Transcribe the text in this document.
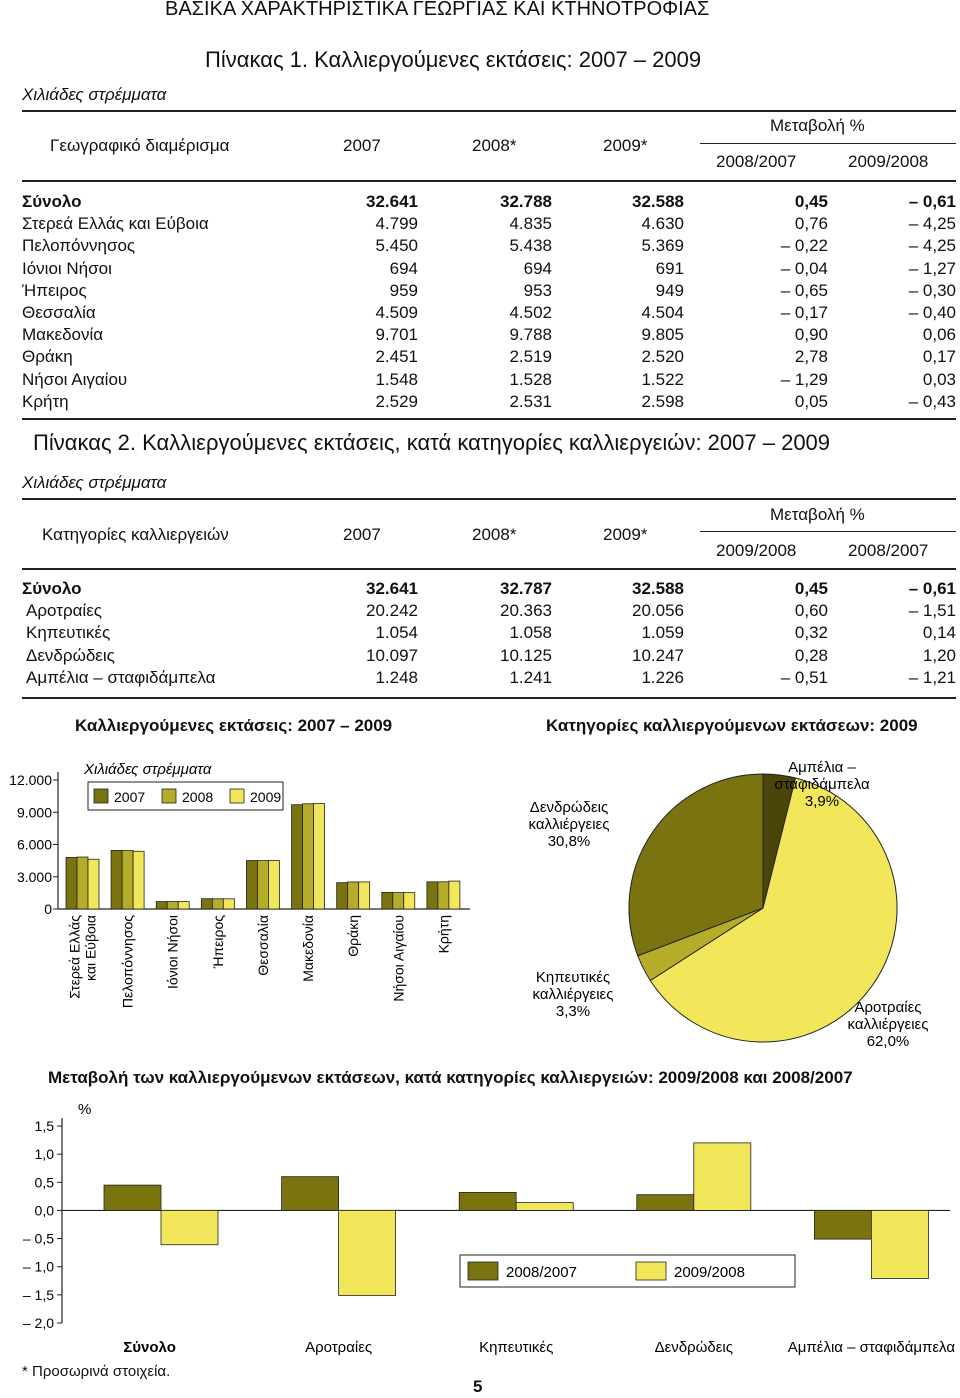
ΒΑΣΙΚΑ ΧΑΡΑΚΤΗΡΙΣΤΙΚΑ ΓΕΩΡΓΙΑΣ ΚΑΙ ΚΤΗΝΟΤΡΟΦΙΑΣ
Πίνακας 1. Καλλιεργούμενες εκτάσεις: 2007 – 2009
Χιλιάδες στρέμματα
Γεωγραφικό διαμέρισμα	2007	2008*	2009*
Μεταβολή %
2008/2007	2009/2008
Σύνολο	32.641	32.788	32.588	0,45	– 0,61
Στερεά Ελλάς και Εύβοια	4.799	4.835	4.630	0,76	– 4,25
Πελοπόννησος	5.450	5.438	5.369	– 0,22	– 4,25
Ιόνιοι Νήσοι	694	694	691	– 0,04	– 1,27
Ήπειρος	959	953	949	– 0,65	– 0,30
Θεσσαλία	4.509	4.502	4.504	– 0,17	– 0,40
Μακεδονία	9.701	9.788	9.805	0,90	0,06
Θράκη	2.451	2.519	2.520	2,78	0,17
Νήσοι Αιγαίου	1.548	1.528	1.522	– 1,29	0,03
Κρήτη	2.529	2.531	2.598	0,05	– 0,43
Πίνακας 2. Καλλιεργούμενες εκτάσεις, κατά κατηγορίες καλλιεργειών: 2007 – 2009
Χιλιάδες στρέμματα
Κατηγορίες καλλιεργειών	2007	2008*	2009*
Μεταβολή %
2009/2008	2008/2007
Σύνολο	32.641	32.787	32.588	0,45	– 0,61
Αροτραίες	20.242	20.363	20.056	0,60	– 1,51
Κηπευτικές	1.054	1.058	1.059	0,32	0,14
Δενδρώδεις	10.097	10.125	10.247	0,28	1,20
Αμπέλια – σταφιδάμπελα	1.248	1.241	1.226	– 0,51	– 1,21
Καλλιεργούμενες εκτάσεις: 2007 – 2009	Κατηγορίες καλλιεργούμενων εκτάσεων: 2009
Μεταβολή των καλλιεργούμενων εκτάσεων, κατά κατηγορίες καλλιεργειών: 2009/2008 και 2008/2007
0
3.000
6.000
9.000
12.000
Χιλιάδες στρέμματα
Στερεά Ελλάςκαι Εύβοια Πελοπόννησος Ιόνιοι Νήσοι Ήπειρος Θεσσαλία Μακεδονία Θράκη Νήσοι Αιγαίου Κρήτη
2007	2008	2009
Αροτραίες καλλιέργειες 62,0%
Κηπευτικές καλλιέργειες 3,3%
Δενδρώδεις καλλιέργειες 30,8%
Αμπέλια – σταφιδάμπελα 3,9%
%
1,5
1,0
0,5
0,0
– 0,5
– 1,0
– 1,5
– 2,0
Σύνολο	Αροτραίες	Κηπευτικές	Δενδρώδεις	Αμπέλια – σταφιδάμπελα
2008/2007	2009/2008
* Προσωρινά στοιχεία.
5
